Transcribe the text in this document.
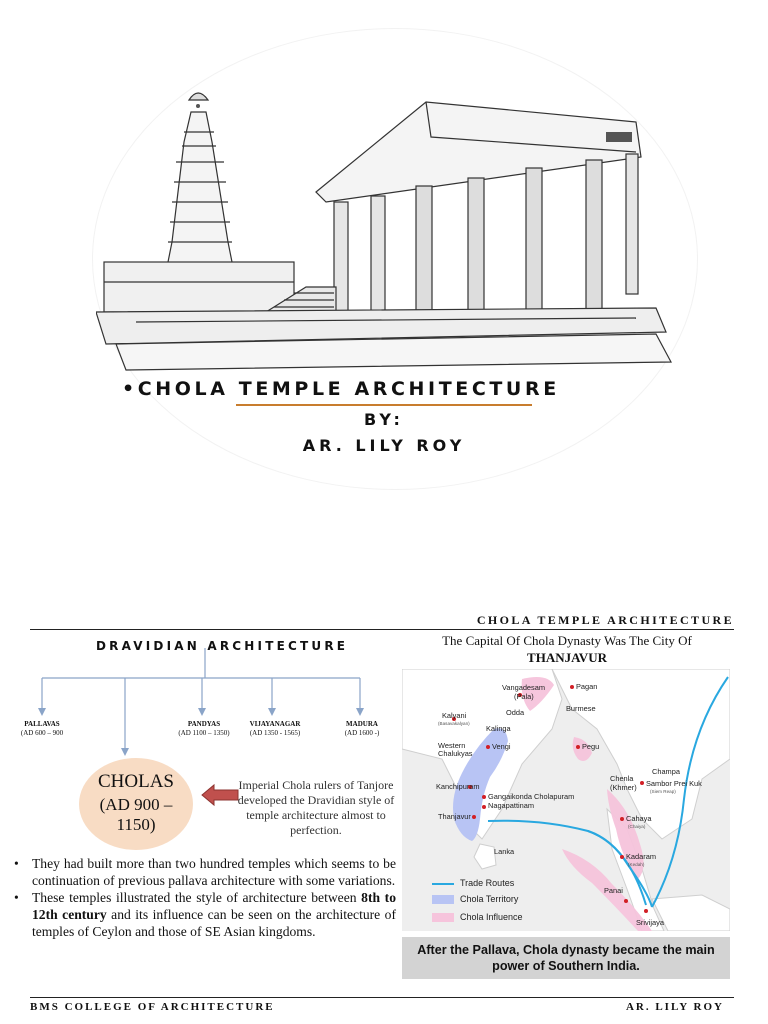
•CHOLA TEMPLE ARCHITECTURE
BY:
AR. LILY ROY
CHOLA TEMPLE ARCHITECTURE
DRAVIDIAN ARCHITECTURE
PALLAVAS
(AD 600 – 900
PANDYAS
(AD 1100 – 1350)
VIJAYANAGAR
(AD 1350 - 1565)
MADURA
(AD 1600 -)
CHOLAS
(AD 900 – 1150)
Imperial Chola rulers of Tanjore developed the Dravidian style of temple architecture almost to perfection.
• They had built more than two hundred temples which seems to be continuation of previous pallava architecture with some variations.
• These temples illustrated the style of architecture between 8th to 12th century and its influence can be seen on the architecture of temples of Ceylon and those of SE Asian kingdoms.
The Capital Of Chola Dynasty Was The City Of
THANJAVUR
Vangadesam
(Pala)
Odda
Kalyani
(Basavakalyan)
Kalinga
Pagan
Burmese
Pegu
Western Chalukyas
Vengi
Kanchipuram
Gangaikonda Cholapuram
Nagapattinam
Thanjavur
Lanka
Champa
Chenla
(Khmer) Sambor Prei Kuk
(Siem Reap)
Cahaya
(Chaiya)
Kadaram
(Kedah)
Panai
Srivijaya
Trade Routes
Chola Territory
Chola Influence
After the Pallava, Chola dynasty became the main power of Southern India.
BMS COLLEGE OF ARCHITECTURE	AR. LILY ROY
